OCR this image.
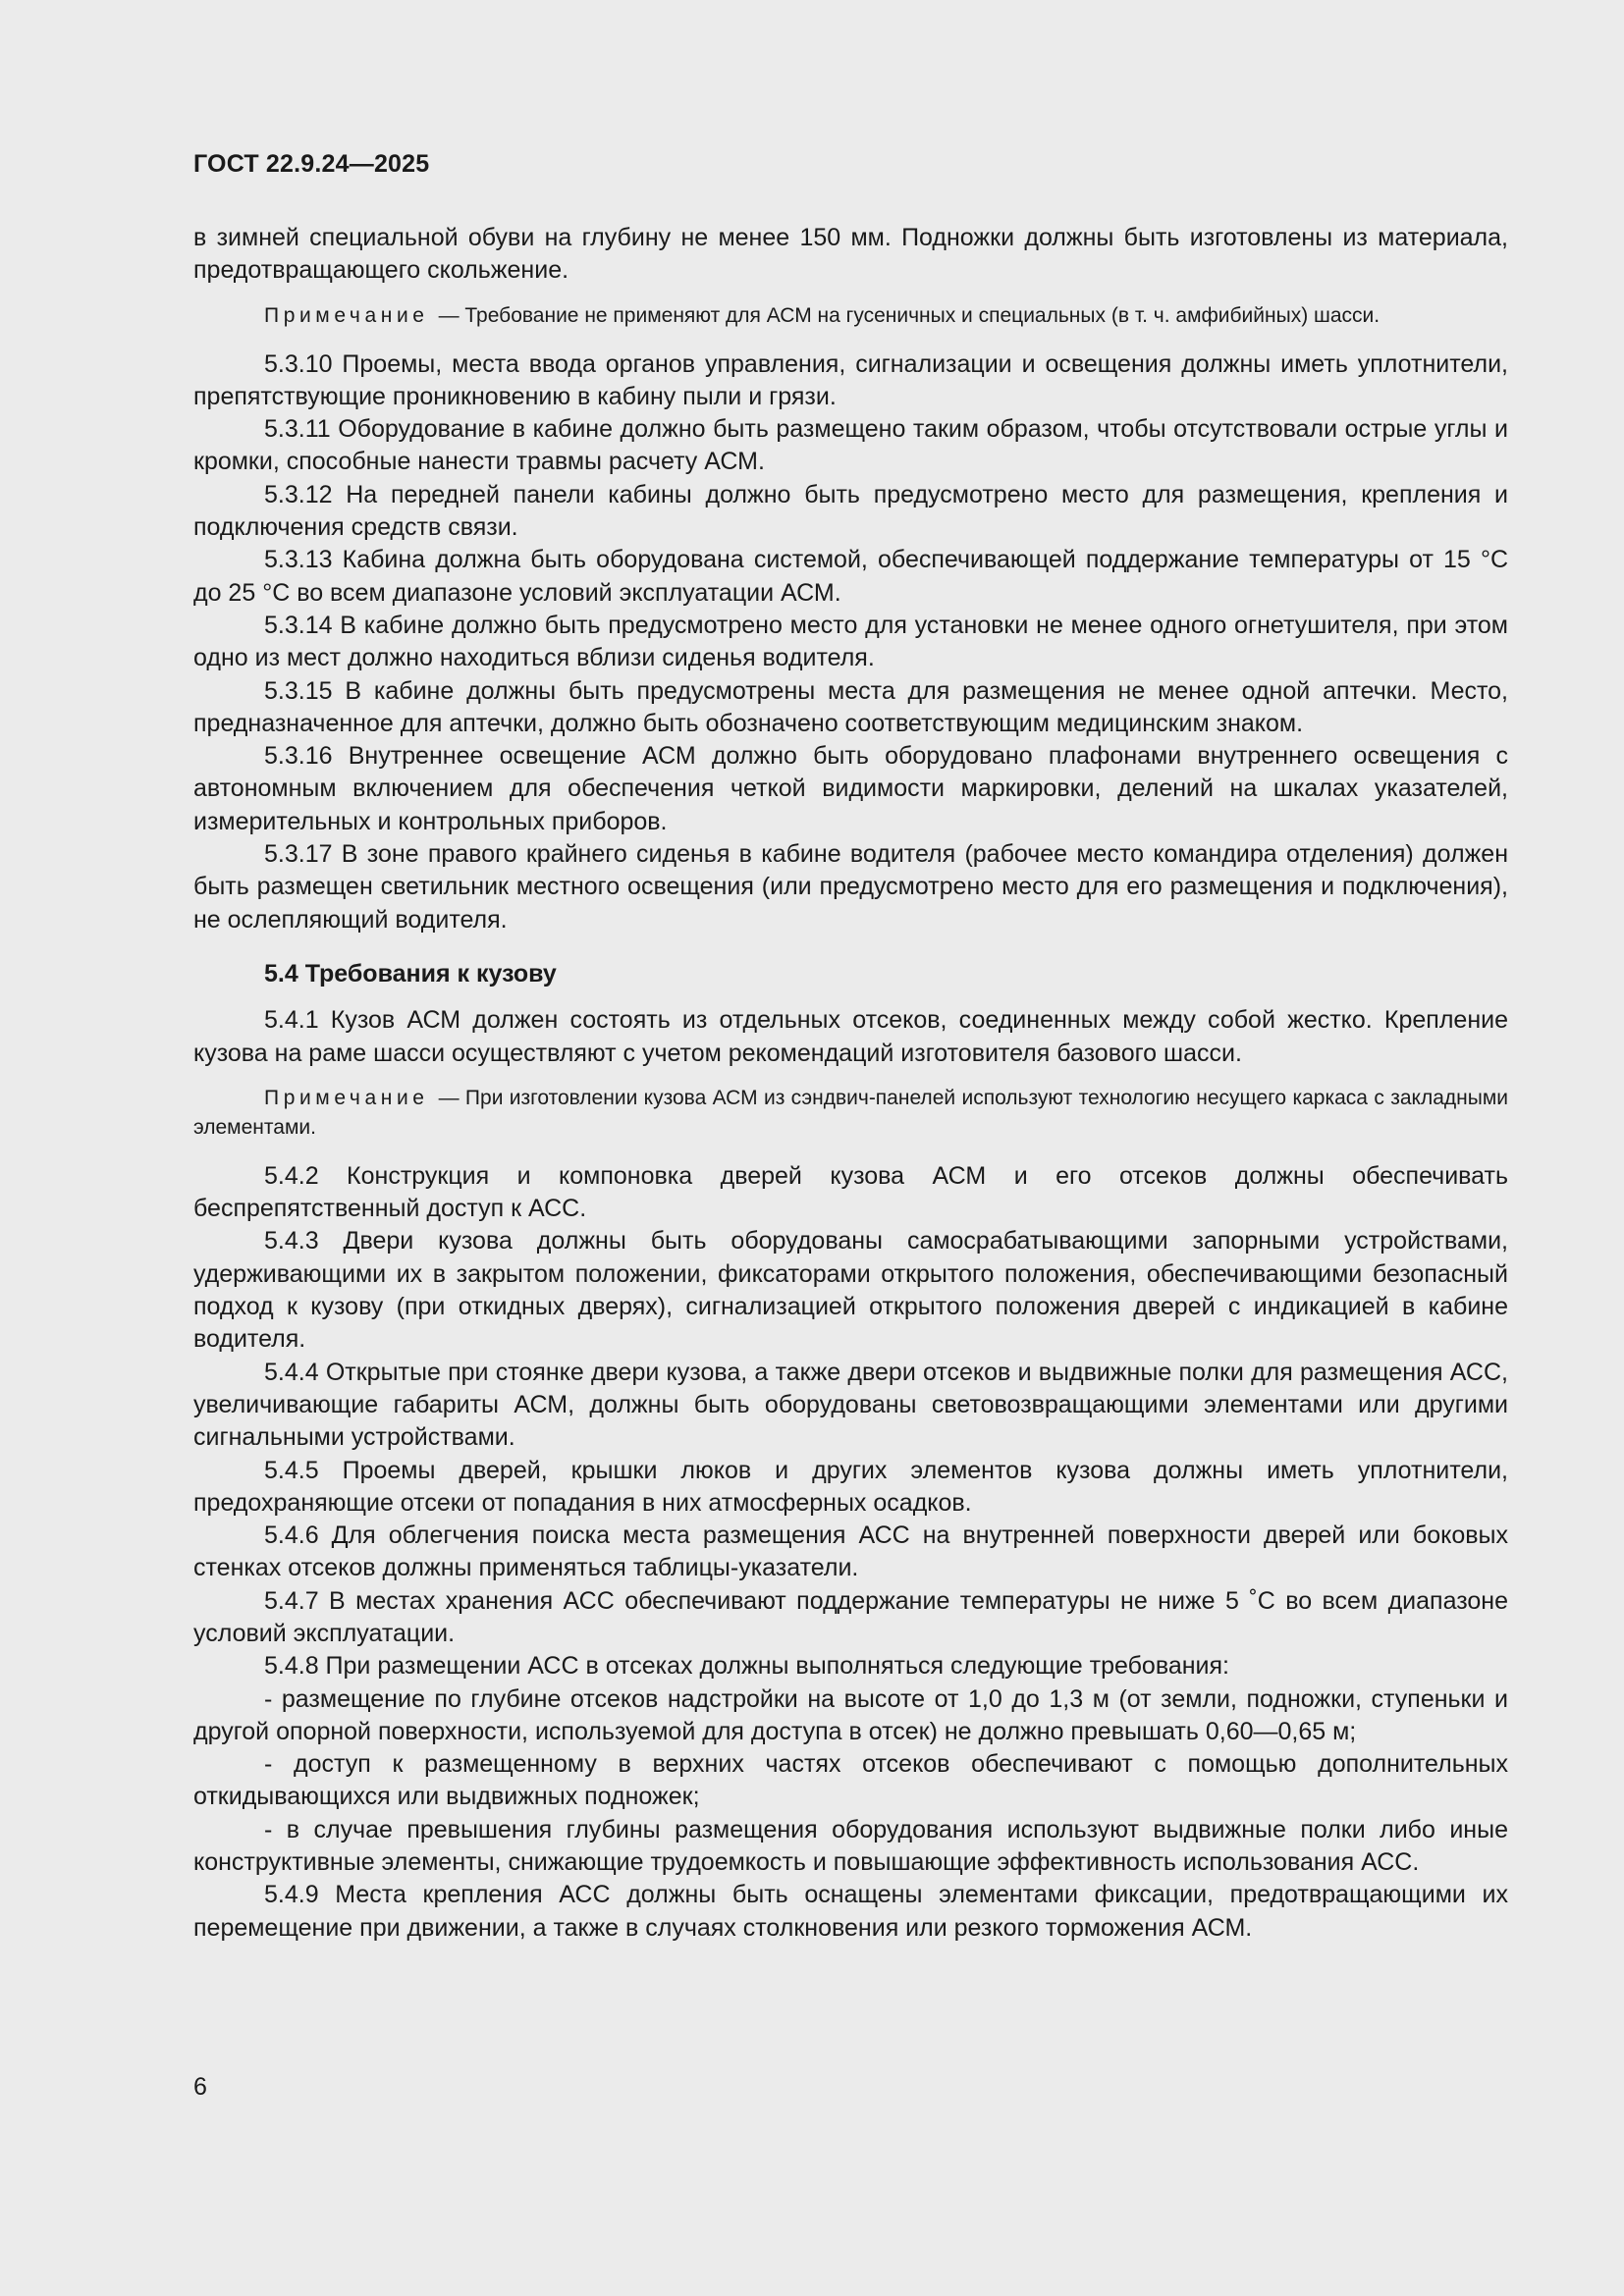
ГОСТ 22.9.24—2025

в зимней специальной обуви на глубину не менее 150 мм. Подножки должны быть изготовлены из материала, предотвращающего скольжение.

Примечание — Требование не применяют для АСМ на гусеничных и специальных (в т. ч. амфибийных) шасси.

5.3.10 Проемы, места ввода органов управления, сигнализации и освещения должны иметь уплотнители, препятствующие проникновению в кабину пыли и грязи.

5.3.11 Оборудование в кабине должно быть размещено таким образом, чтобы отсутствовали острые углы и кромки, способные нанести травмы расчету АСМ.

5.3.12 На передней панели кабины должно быть предусмотрено место для размещения, крепления и подключения средств связи.

5.3.13 Кабина должна быть оборудована системой, обеспечивающей поддержание температуры от 15 °C до 25 °C во всем диапазоне условий эксплуатации АСМ.

5.3.14 В кабине должно быть предусмотрено место для установки не менее одного огнетушителя, при этом одно из мест должно находиться вблизи сиденья водителя.

5.3.15 В кабине должны быть предусмотрены места для размещения не менее одной аптечки. Место, предназначенное для аптечки, должно быть обозначено соответствующим медицинским знаком.

5.3.16 Внутреннее освещение АСМ должно быть оборудовано плафонами внутреннего освещения с автономным включением для обеспечения четкой видимости маркировки, делений на шкалах указателей, измерительных и контрольных приборов.

5.3.17 В зоне правого крайнего сиденья в кабине водителя (рабочее место командира отделения) должен быть размещен светильник местного освещения (или предусмотрено место для его размещения и подключения), не ослепляющий водителя.

5.4 Требования к кузову

5.4.1 Кузов АСМ должен состоять из отдельных отсеков, соединенных между собой жестко. Крепление кузова на раме шасси осуществляют с учетом рекомендаций изготовителя базового шасси.

Примечание — При изготовлении кузова АСМ из сэндвич-панелей используют технологию несущего каркаса с закладными элементами.

5.4.2 Конструкция и компоновка дверей кузова АСМ и его отсеков должны обеспечивать беспрепятственный доступ к АСС.

5.4.3 Двери кузова должны быть оборудованы самосрабатывающими запорными устройствами, удерживающими их в закрытом положении, фиксаторами открытого положения, обеспечивающими безопасный подход к кузову (при откидных дверях), сигнализацией открытого положения дверей с индикацией в кабине водителя.

5.4.4 Открытые при стоянке двери кузова, а также двери отсеков и выдвижные полки для размещения АСС, увеличивающие габариты АСМ, должны быть оборудованы световозвращающими элементами или другими сигнальными устройствами.

5.4.5 Проемы дверей, крышки люков и других элементов кузова должны иметь уплотнители, предохраняющие отсеки от попадания в них атмосферных осадков.

5.4.6 Для облегчения поиска места размещения АСС на внутренней поверхности дверей или боковых стенках отсеков должны применяться таблицы-указатели.

5.4.7 В местах хранения АСС обеспечивают поддержание температуры не ниже 5 ˚C во всем диапазоне условий эксплуатации.

5.4.8 При размещении АСС в отсеках должны выполняться следующие требования:

- размещение по глубине отсеков надстройки на высоте от 1,0 до 1,3 м (от земли, подножки, ступеньки и другой опорной поверхности, используемой для доступа в отсек) не должно превышать 0,60—0,65 м;

- доступ к размещенному в верхних частях отсеков обеспечивают с помощью дополнительных откидывающихся или выдвижных подножек;

- в случае превышения глубины размещения оборудования используют выдвижные полки либо иные конструктивные элементы, снижающие трудоемкость и повышающие эффективность использования АСС.

5.4.9 Места крепления АСС должны быть оснащены элементами фиксации, предотвращающими их перемещение при движении, а также в случаях столкновения или резкого торможения АСМ.

6
